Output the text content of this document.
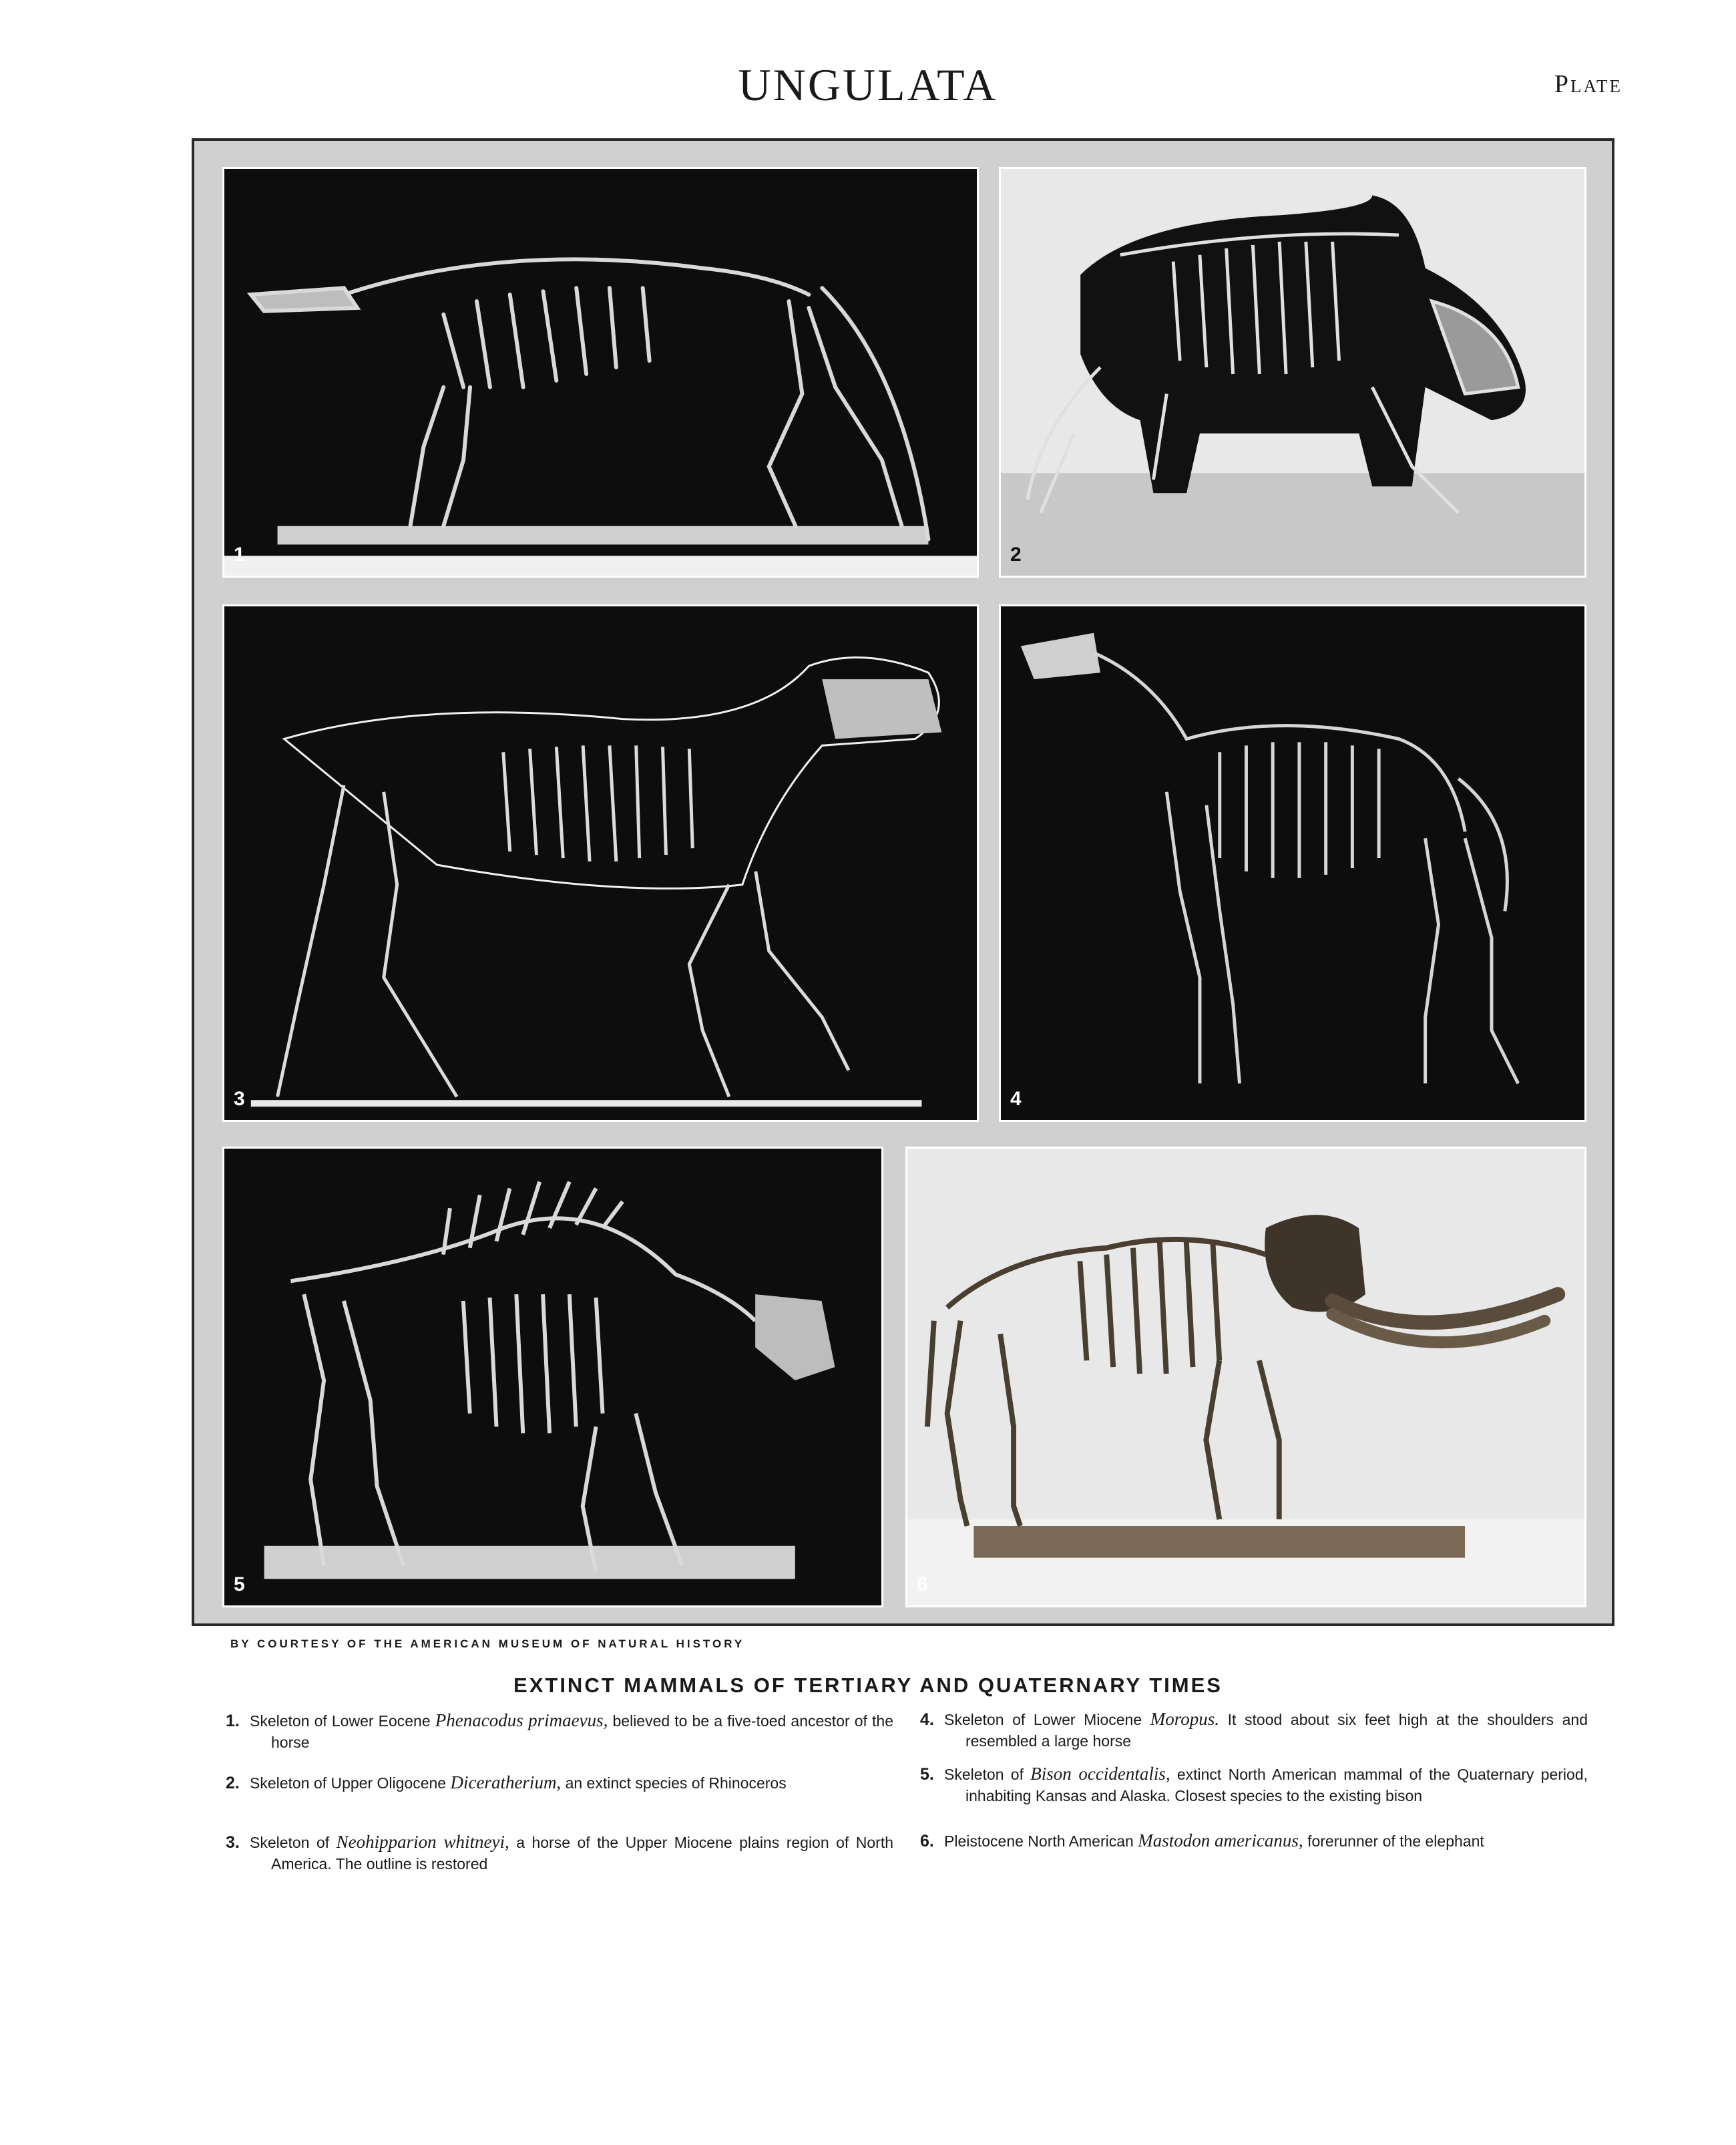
UNGULATA	Plate
1	2
3	4
5	6
BY COURTESY OF THE AMERICAN MUSEUM OF NATURAL HISTORY
EXTINCT MAMMALS OF TERTIARY AND QUATERNARY TIMES
1. Skeleton of Lower Eocene Phenacodus primaevus, believed to be a five-toed ancestor of the horse
2. Skeleton of Upper Oligocene Diceratherium, an extinct species of Rhinoceros
3. Skeleton of Neohipparion whitneyi, a horse of the Upper Miocene plains region of North America. The outline is restored
4. Skeleton of Lower Miocene Moropus. It stood about six feet high at the shoulders and resembled a large horse
5. Skeleton of Bison occidentalis, extinct North American mammal of the Quaternary period, inhabiting Kansas and Alaska. Closest species to the existing bison
6. Pleistocene North American Mastodon americanus, forerunner of the elephant
